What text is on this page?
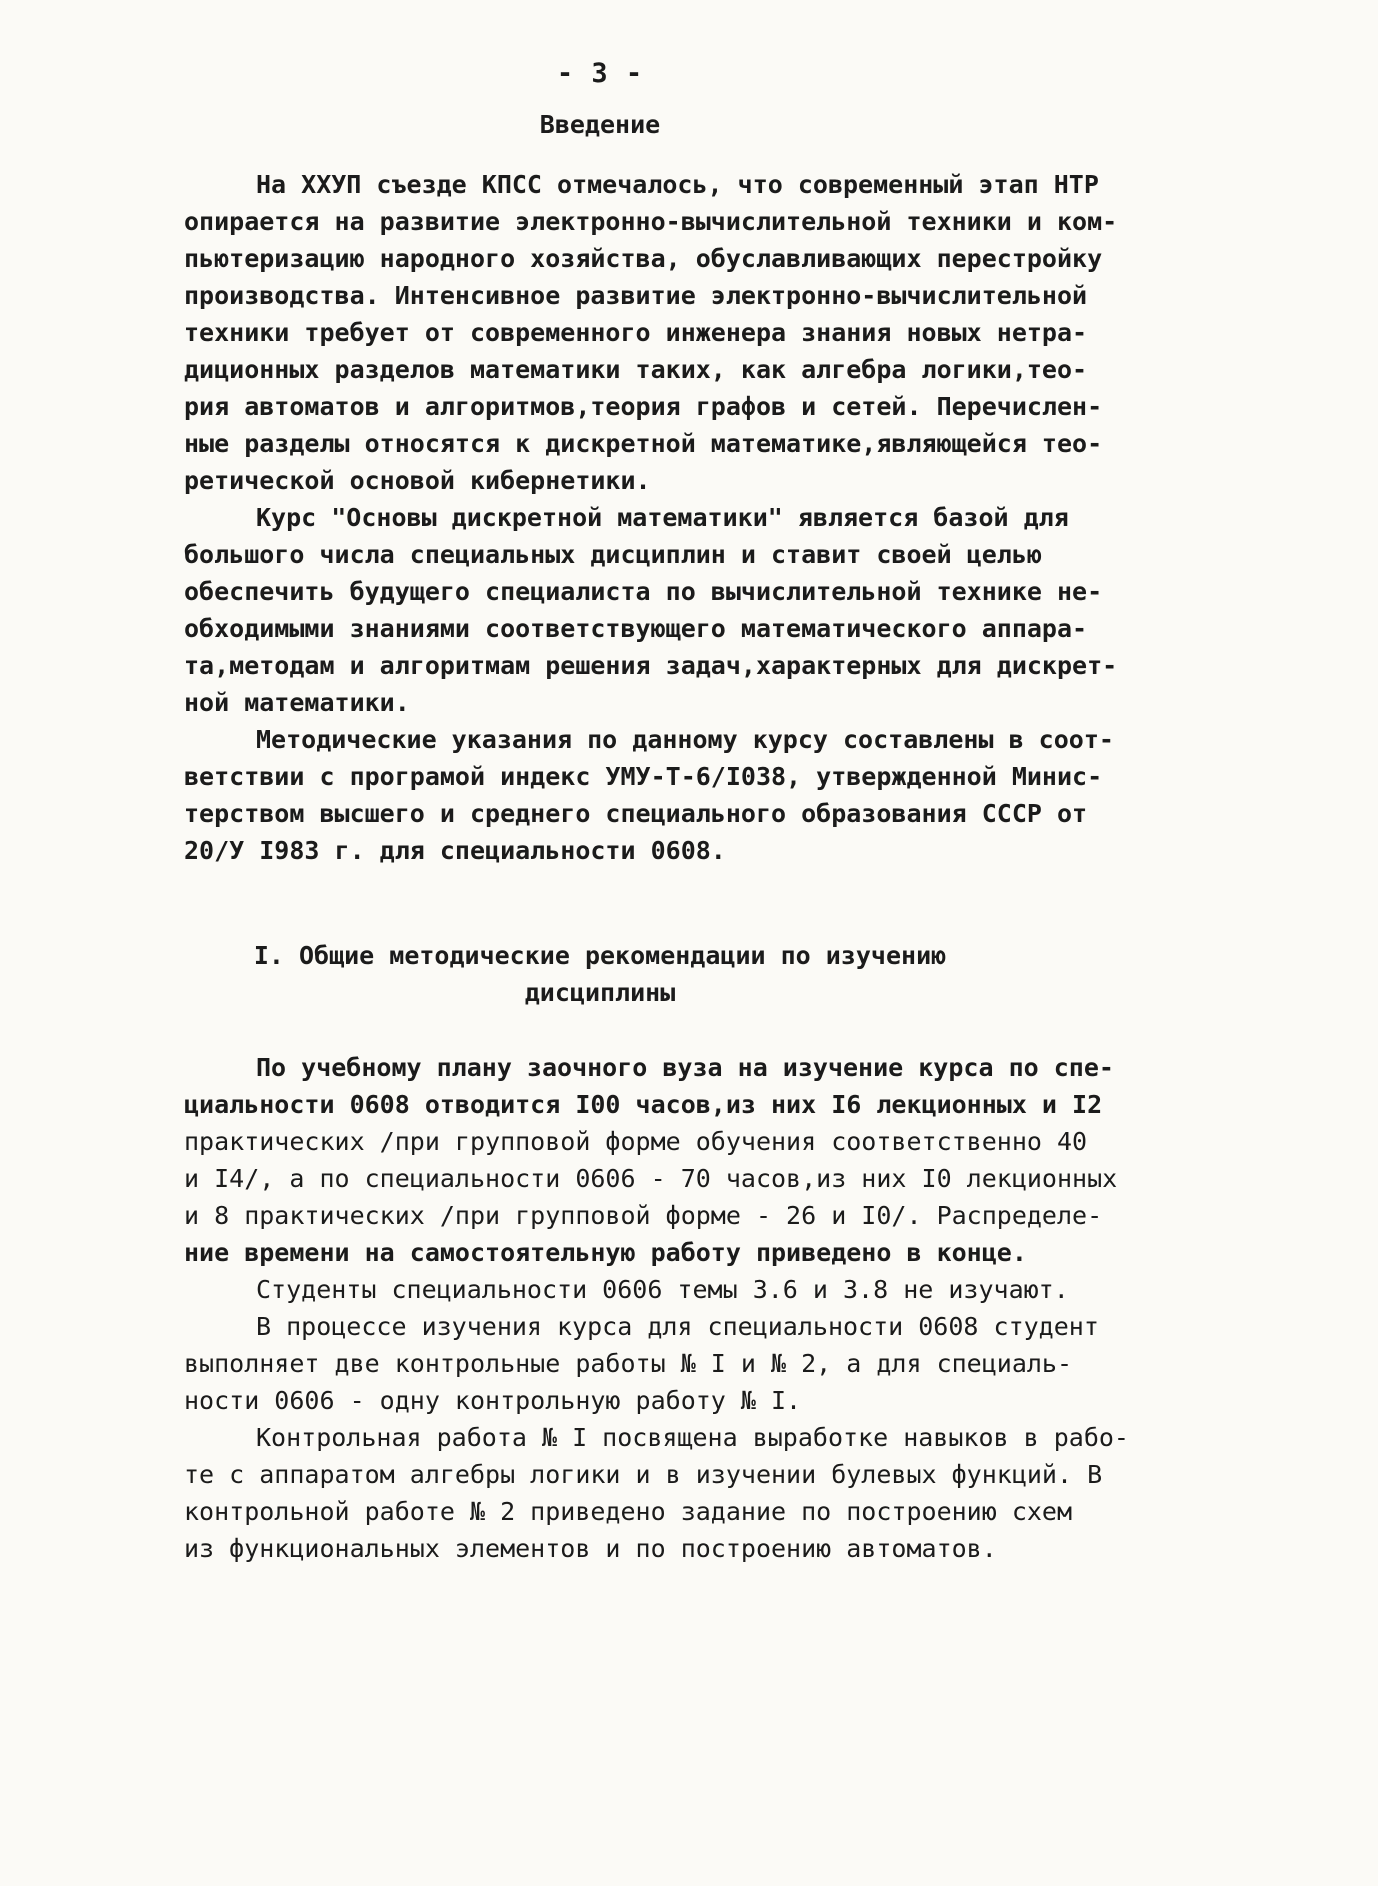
- 3 -
Введение
На ХХУП съезде КПСС отмечалось, что современный этап НТР
опирается на развитие электронно-вычислительной техники и ком-
пьютеризацию народного хозяйства, обуславливающих перестройку
производства. Интенсивное развитие электронно-вычислительной
техники требует от современного инженера знания новых нетра-
диционных разделов математики таких, как алгебра логики,тео-
рия автоматов и алгоритмов,теория графов и сетей. Перечислен-
ные разделы относятся к дискретной математике,являющейся тео-
ретической основой кибернетики.
Курс "Основы дискретной математики" является базой для
большого числа специальных дисциплин и ставит своей целью
обеспечить будущего специалиста по вычислительной технике не-
обходимыми знаниями соответствующего математического аппара-
та,методам и алгоритмам решения задач,характерных для дискрет-
ной математики.
Методические указания по данному курсу составлены в соот-
ветствии с програмой индекс УМУ-Т-6/I038, утвержденной Минис-
терством высшего и среднего специального образования СССР от
20/У I983 г. для специальности 0608.
I. Общие методические рекомендации по изучению
дисциплины
По учебному плану заочного вуза на изучение курса по спе-
циальности 0608 отводится I00 часов,из них I6 лекционных и I2
практических /при групповой форме обучения соответственно 40
и I4/, а по специальности 0606 - 70 часов,из них I0 лекционных
и 8 практических /при групповой форме - 26 и I0/. Распределе-
ние времени на самостоятельную работу приведено в конце.
Студенты специальности 0606 темы 3.6 и 3.8 не изучают.
В процессе изучения курса для специальности 0608 студент
выполняет две контрольные работы № I и № 2, а для специаль-
ности 0606 - одну контрольную работу № I.
Контрольная работа № I посвящена выработке навыков в рабо-
те с аппаратом алгебры логики и в изучении булевых функций. В
контрольной работе № 2 приведено задание по построению схем
из функциональных элементов и по построению автоматов.
